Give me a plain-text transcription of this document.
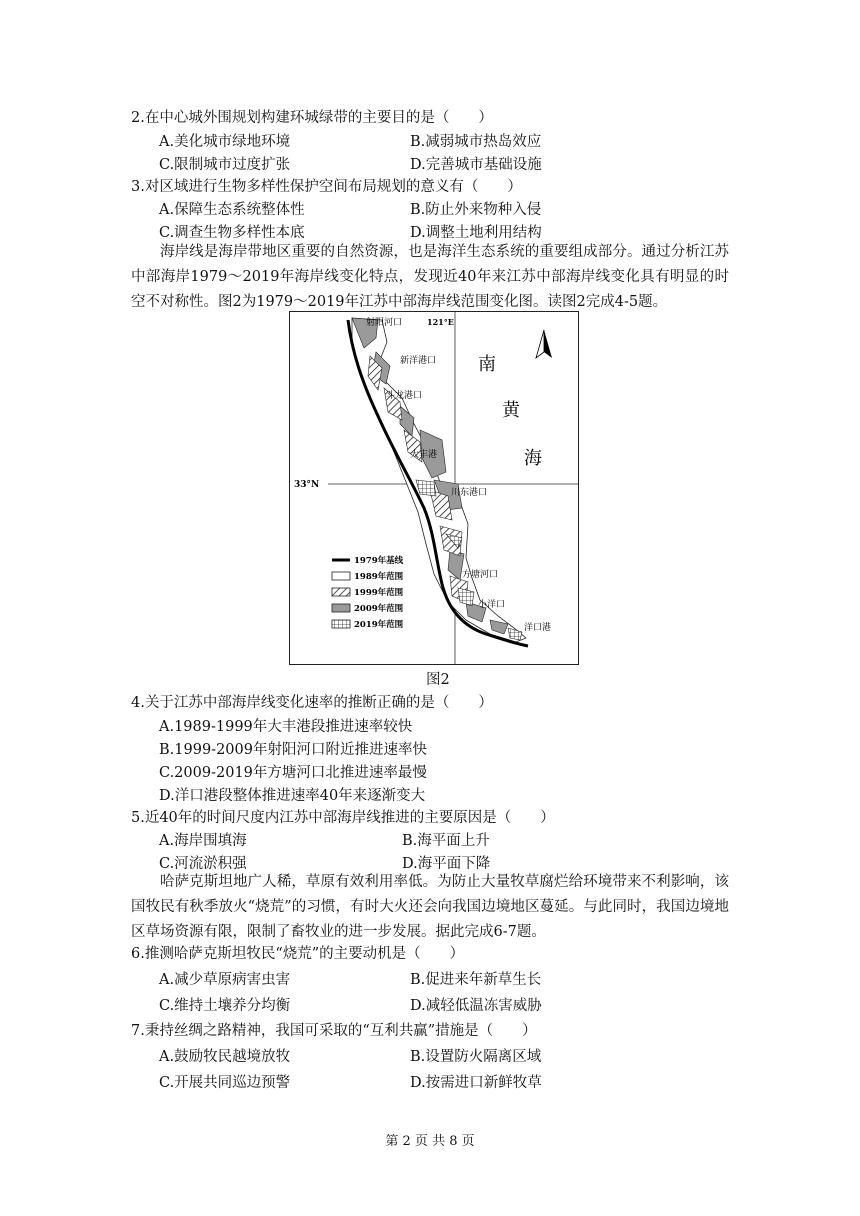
2.在中心城外围规划构建环城绿带的主要目的是（　　）
A.美化城市绿地环境	B.减弱城市热岛效应
C.限制城市过度扩张	D.完善城市基础设施
3.对区域进行生物多样性保护空间布局规划的意义有（　　）
A.保障生态系统整体性	B.防止外来物种入侵
C.调查生物多样性本底	D.调整土地利用结构
海岸线是海岸带地区重要的自然资源，也是海洋生态系统的重要组成部分。通过分析江苏中部海岸1979～2019年海岸线变化特点，发现近40年来江苏中部海岸线变化具有明显的时空不对称性。图2为1979～2019年江苏中部海岸线范围变化图。读图2完成4-5题。
射阳河口	121°E
新洋港口
斗龙港口
大丰港
33°N
川东港口
方塘河口
小洋口
洋口港
南
黄
海
1979年基线
1989年范围
1999年范围
2009年范围
2019年范围
图2
4.关于江苏中部海岸线变化速率的推断正确的是（　　）
A.1989-1999年大丰港段推进速率较快
B.1999-2009年射阳河口附近推进速率快
C.2009-2019年方塘河口北推进速率最慢
D.洋口港段整体推进速率40年来逐渐变大
5.近40年的时间尺度内江苏中部海岸线推进的主要原因是（　　）
A.海岸围填海	B.海平面上升
C.河流淤积强	D.海平面下降
哈萨克斯坦地广人稀，草原有效利用率低。为防止大量牧草腐烂给环境带来不利影响，该国牧民有秋季放火“烧荒”的习惯，有时大火还会向我国边境地区蔓延。与此同时，我国边境地区草场资源有限，限制了畜牧业的进一步发展。据此完成6-7题。
6.推测哈萨克斯坦牧民“烧荒”的主要动机是（　　）
A.减少草原病害虫害	B.促进来年新草生长
C.维持土壤养分均衡	D.减轻低温冻害威胁
7.秉持丝绸之路精神，我国可采取的“互利共赢”措施是（　　）
A.鼓励牧民越境放牧	B.设置防火隔离区域
C.开展共同巡边预警	D.按需进口新鲜牧草
第 2 页 共 8 页
